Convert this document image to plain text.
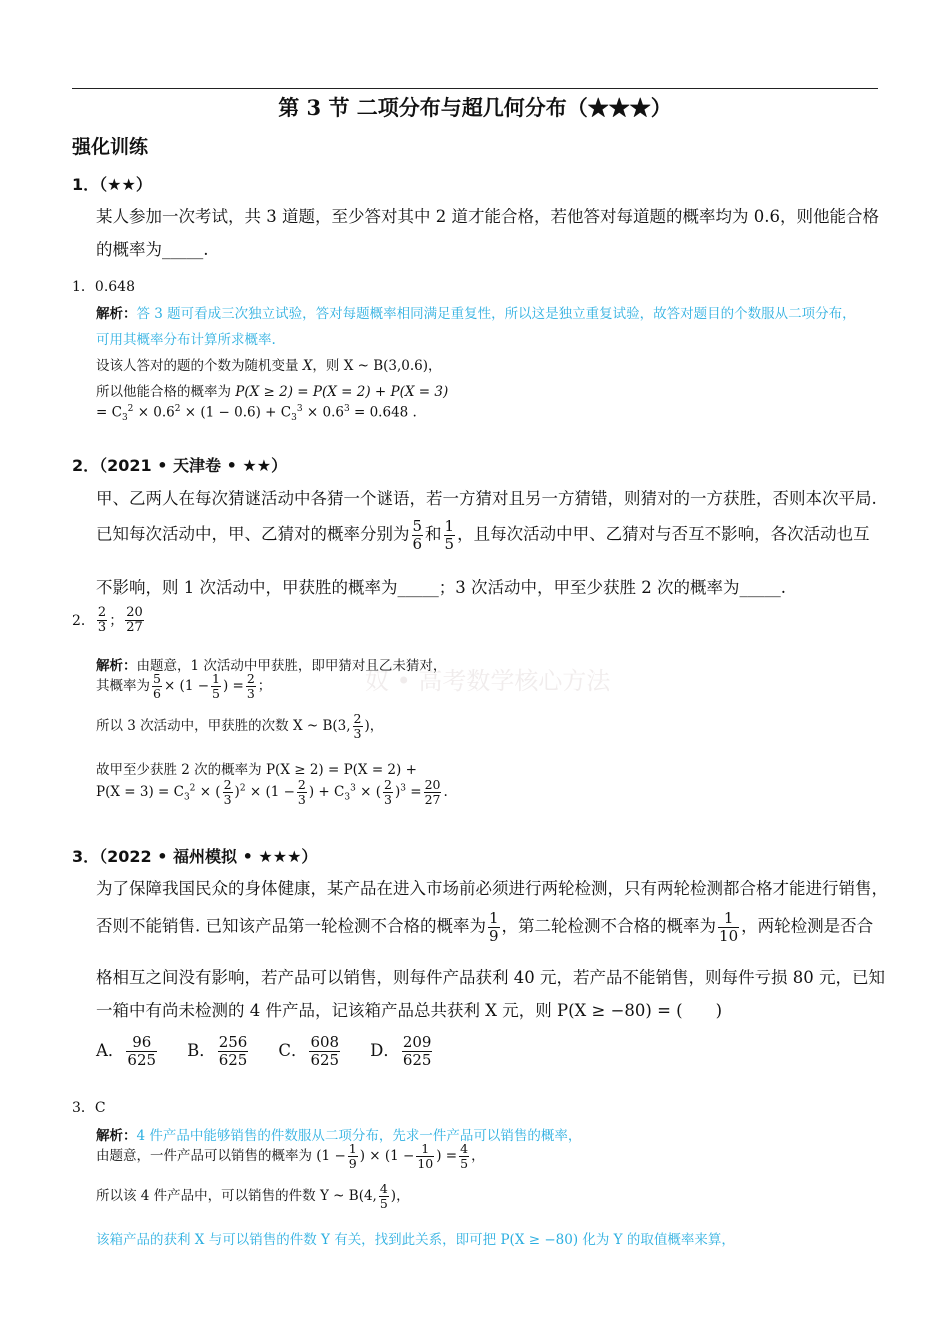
第 3 节 二项分布与超几何分布（★★★）
强化训练
奴 • 高考数学核心方法
1．（★★）
某人参加一次考试，共 3 道题，至少答对其中 2 道才能合格，若他答对每道题的概率均为 0.6，则他能合格
的概率为_____.
1．0.648
解析：答 3 题可看成三次独立试验，答对每题概率相同满足重复性，所以这是独立重复试验，故答对题目的个数服从二项分布，
可用其概率分布计算所求概率.
设该人答对的题的个数为随机变量 X，则 X ~ B(3,0.6)，
所以他能合格的概率为 P(X ≥ 2) = P(X = 2) + P(X = 3)
= $C_3^2 \times 0.6^2 \times (1 - 0.6) + C_3^3 \times 0.6^3 = 0.648$ .
2．（2021 • 天津卷 • ★★）
甲、乙两人在每次猜谜活动中各猜一个谜语，若一方猜对且另一方猜错，则猜对的一方获胜，否则本次平局.
已知每次活动中，甲、乙猜对的概率分别为 $\frac{5}{6}$ 和 $\frac{1}{5}$ ，且每次活动中甲、乙猜对与否互不影响，各次活动也互
不影响，则 1 次活动中，甲获胜的概率为_____；3 次活动中，甲至少获胜 2 次的概率为_____.
2． $\frac{2}{3}$ ； $\frac{20}{27}$
解析：由题意，1 次活动中甲获胜，即甲猜对且乙未猜对，
其概率为 $\frac{5}{6} \times (1 - \frac{1}{5}$ ) = $\frac{2}{3}$ ；
所以 3 次活动中，甲获胜的次数 X ~ B(3, $\frac{2}{3}$ )，
故甲至少获胜 2 次的概率为 P(X ≥ 2) = P(X = 2) +
$P(X = 3) = C_3^2$ × ( $\frac{2}{3} )^2 \times (1 - \frac{2}{3}$ ) + $C_3^3$ × ( $\frac{2}{3} )^3 = \frac{20}{27}$ .
3．（2022 • 福州模拟 • ★★★）
为了保障我国民众的身体健康，某产品在进入市场前必须进行两轮检测，只有两轮检测都合格才能进行销售，
否则不能销售. 已知该产品第一轮检测不合格的概率为 $\frac{1}{9}$ ，第二轮检测不合格的概率为 $\frac{1}{10}$ ，两轮检测是否合
格相互之间没有影响，若产品可以销售，则每件产品获利 40 元，若产品不能销售，则每件亏损 80 元，已知
一箱中有尚未检测的 4 件产品，记该箱产品总共获利 X 元，则 P(X ≥ −80) = (　　)
A． $\frac{96}{625}$ B． $\frac{256}{625}$ C． $\frac{608}{625}$ D． $\frac{209}{625}$
3．C
解析：4 件产品中能够销售的件数服从二项分布，先求一件产品可以销售的概率，
由题意，一件产品可以销售的概率为 ($1 - \frac{1}{9}$ ) × ($1 - \frac{1}{10}$ ) = $\frac{4}{5}$ ，
所以该 4 件产品中，可以销售的件数 Y ~ B(4, $\frac{4}{5}$ )，
该箱产品的获利 X 与可以销售的件数 Y 有关，找到此关系，即可把 P(X ≥ −80) 化为 Y 的取值概率来算，
